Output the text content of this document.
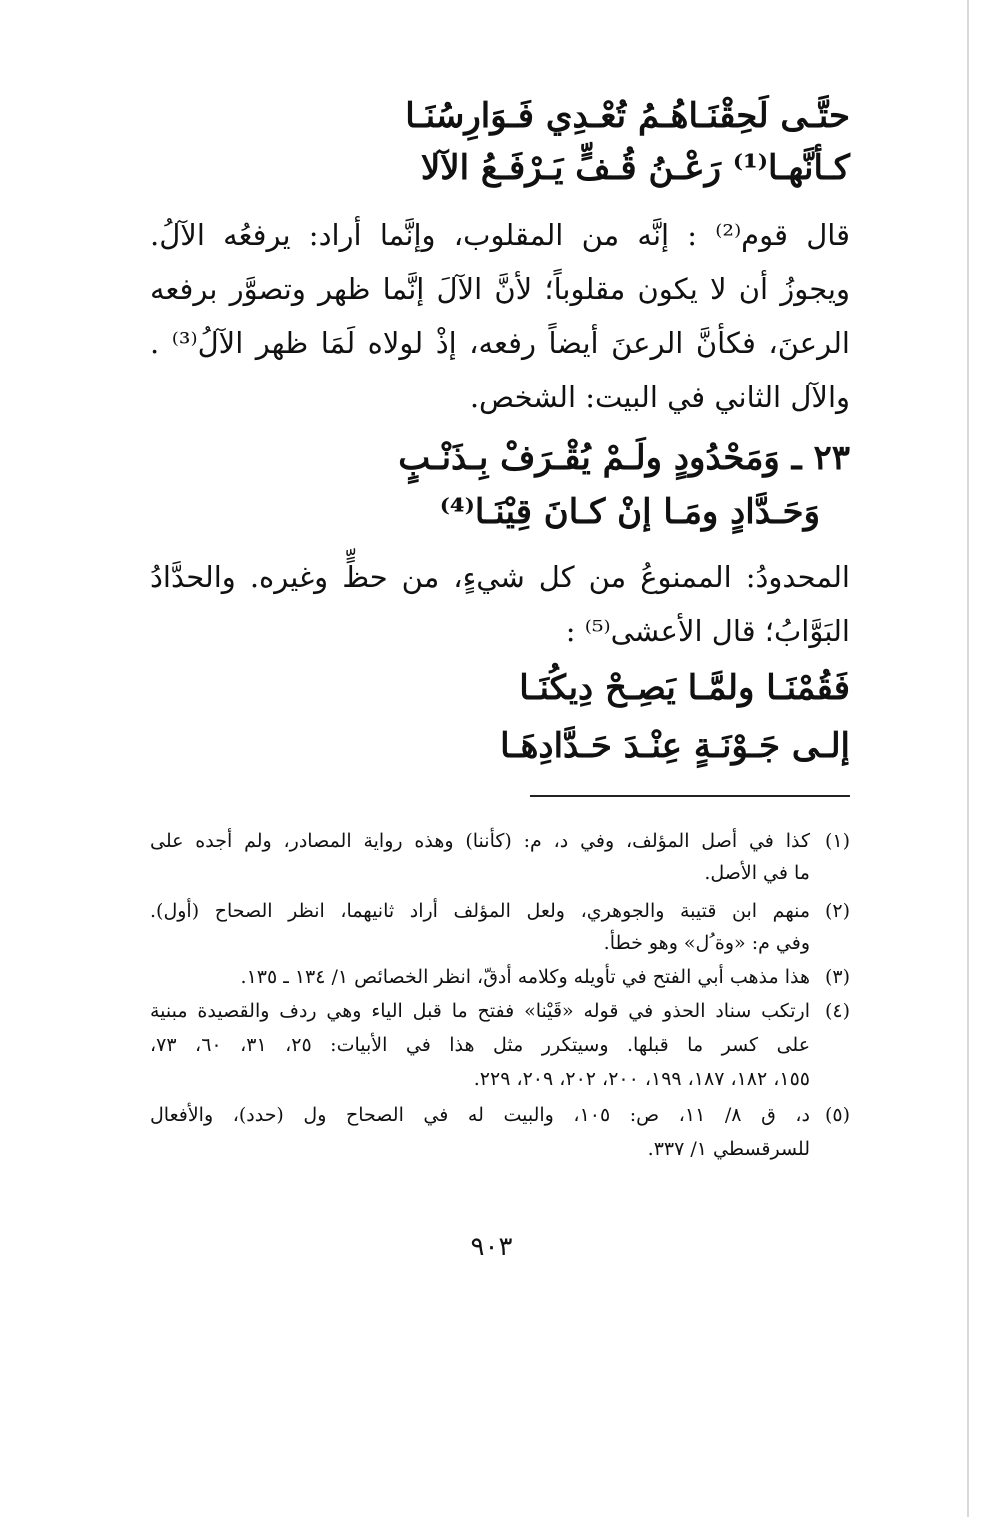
حتَّـى لَحِقْنَـاهُـمُ تُعْـدِي فَـوَارِسُنَـا
كـأنَّهـا⁽¹⁾ رَعْـنُ قُـفٍّ يَـرْفَـعُ الآلا
قال قوم⁽²⁾ : إنَّه من المقلوب، وإنَّما أراد: يرفعُه الآلُ.
ويجوزُ أن لا يكون مقلوباً؛ لأنَّ الآلَ إنَّما ظهر وتصوَّر برفعه
الرعنَ، فكأنَّ الرعنَ أيضاً رفعه، إذْ لولاه لَمَا ظهر الآلُ⁽³⁾ .
والآل الثاني في البيت: الشخص.
٢٣ ـ وَمَحْدُودٍ ولَـمْ يُقْـرَفْ بِـذَنْـبٍ
وَحَـدَّادٍ ومَـا إنْ كـانَ قِيْنَـا⁽⁴⁾
المحدودُ: الممنوعُ من كل شيءٍ، من حظٍّ وغيره. والحدَّادُ
البَوَّابُ؛ قال الأعشى⁽⁵⁾ :
فَقُمْنَـا ولمَّـا يَصِـحْ دِيكُنَـا
إلـى جَـوْنَـةٍ عِنْـدَ حَـدَّادِهَـا
(١)
كذا في أصل المؤلف، وفي د، م: (كأننا) وهذه رواية المصادر، ولم أجده على
ما في الأصل.
(٢)
منهم ابن قتيبة والجوهري، ولعل المؤلف أراد ثانيهما، انظر الصحاح (أول).
وفي م: «وة ُل» وهو خطأ.
(٣)
هذا مذهب أبي الفتح في تأويله وكلامه أدقّ، انظر الخصائص ١/ ١٣٤ ـ ١٣٥.
(٤)
ارتكب سناد الحذو في قوله «قَيْنا» ففتح ما قبل الياء وهي ردف والقصيدة مبنية
على كسر ما قبلها. وسيتكرر مثل هذا في الأبيات: ٢٥، ٣١، ٦٠، ٧٣،
١٥٥، ١٨٢، ١٨٧، ١٩٩، ٢٠٠، ٢٠٢، ٢٠٩، ٢٢٩.
(٥)
د، ق ٨/ ١١، ص: ١٠٥، والبيت له في الصحاح ول (حدد)، والأفعال
للسرقسطي ١/ ٣٣٧.
٩٠٣
